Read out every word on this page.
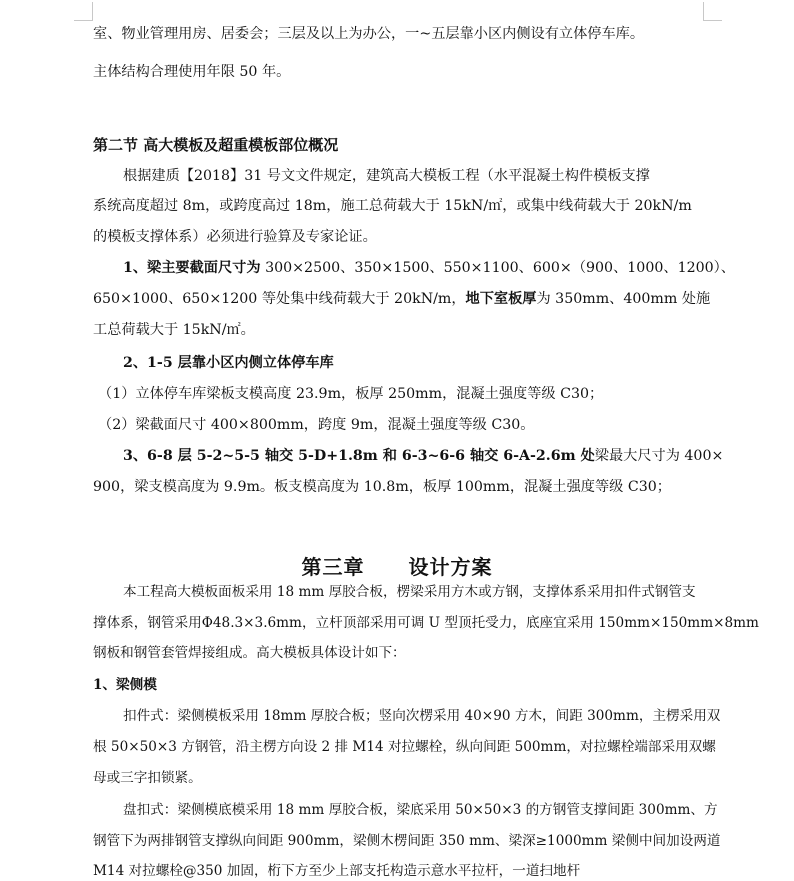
室、物业管理用房、居委会；三层及以上为办公，一~五层靠小区内侧设有立体停车库。
主体结构合理使用年限 50 年。
第二节 高大模板及超重模板部位概况
根据建质【2018】31 号文文件规定，建筑高大模板工程（水平混凝土构件模板支撑
系统高度超过 8m，或跨度高过 18m，施工总荷载大于 15kN/㎡，或集中线荷载大于 20kN/m
的模板支撑体系）必须进行验算及专家论证。
1、梁主要截面尺寸为 300×2500、350×1500、550×1100、600×（900、1000、1200）、
650×1000、650×1200 等处集中线荷载大于 20kN/m，地下室板厚为 350mm、400mm 处施
工总荷载大于 15kN/㎡。
2、1-5 层靠小区内侧立体停车库
（1）立体停车库梁板支模高度 23.9m，板厚 250mm，混凝土强度等级 C30；
（2）梁截面尺寸 400×800mm，跨度 9m，混凝土强度等级 C30。
3、6-8 层 5-2~5-5 轴交 5-D+1.8m 和 6-3~6-6 轴交 6-A-2.6m 处梁最大尺寸为 400×
900，梁支模高度为 9.9m。板支模高度为 10.8m，板厚 100mm，混凝土强度等级 C30；
本工程高大模板面板采用 18 mm 厚胶合板，楞梁采用方木或方钢，支撑体系采用扣件式钢管支
撑体系，钢管采用Φ48.3×3.6mm，立杆顶部采用可调 U 型顶托受力，底座宜采用 150mm×150mm×8mm
钢板和钢管套管焊接组成。高大模板具体设计如下：
1、梁侧模
扣件式：梁侧模板采用 18mm 厚胶合板；竖向次楞采用 40×90 方木，间距 300mm，主楞采用双
根 50×50×3 方钢管，沿主楞方向设 2 排 M14 对拉螺栓，纵向间距 500mm，对拉螺栓端部采用双螺
母或三字扣锁紧。
盘扣式：梁侧模底模采用 18 mm 厚胶合板，梁底采用 50×50×3 的方钢管支撑间距 300mm、方
钢管下为两排钢管支撑纵向间距 900mm，梁侧木楞间距 350 mm、梁深≥1000mm 梁侧中间加设两道
M14 对拉螺栓@350 加固，桁下方至少上部支托构造示意水平拉杆，一道扫地杆
第三章 设计方案
